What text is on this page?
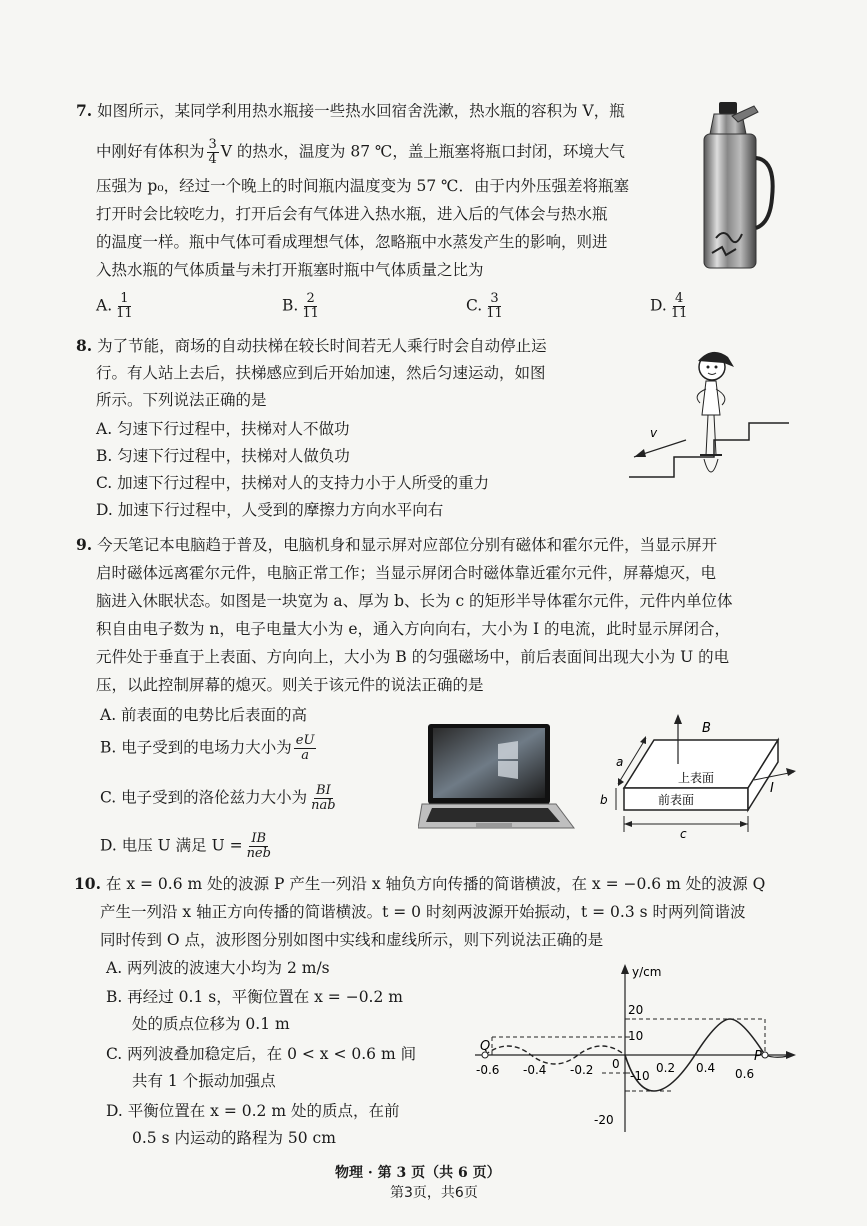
7. 如图所示，某同学利用热水瓶接一些热水回宿舍洗漱，热水瓶的容积为 V，瓶
中刚好有体积为 $\frac{3}{4}$ V 的热水，温度为 87 ℃，盖上瓶塞将瓶口封闭，环境大气
压强为 p₀，经过一个晚上的时间瓶内温度变为 57 ℃．由于内外压强差将瓶塞
打开时会比较吃力，打开后会有气体进入热水瓶，进入后的气体会与热水瓶
的温度一样。瓶中气体可看成理想气体，忽略瓶中水蒸发产生的影响，则进
入热水瓶的气体质量与未打开瓶塞时瓶中气体质量之比为
A. $\frac{1}{11}$	B. $\frac{2}{11}$	C. $\frac{3}{11}$	D. $\frac{4}{11}$
8. 为了节能，商场的自动扶梯在较长时间若无人乘行时会自动停止运
行。有人站上去后，扶梯感应到后开始加速，然后匀速运动，如图
所示。下列说法正确的是
A. 匀速下行过程中，扶梯对人不做功
B. 匀速下行过程中，扶梯对人做负功
C. 加速下行过程中，扶梯对人的支持力小于人所受的重力
D. 加速下行过程中，人受到的摩擦力方向水平向右
v
9. 今天笔记本电脑趋于普及，电脑机身和显示屏对应部位分别有磁体和霍尔元件，当显示屏开
启时磁体远离霍尔元件，电脑正常工作；当显示屏闭合时磁体靠近霍尔元件，屏幕熄灭，电
脑进入休眠状态。如图是一块宽为 a、厚为 b、长为 c 的矩形半导体霍尔元件，元件内单位体
积自由电子数为 n，电子电量大小为 e，通入方向向右，大小为 I 的电流，此时显示屏闭合，
元件处于垂直于上表面、方向向上，大小为 B 的匀强磁场中，前后表面间出现大小为 U 的电
压，以此控制屏幕的熄灭。则关于该元件的说法正确的是
A. 前表面的电势比后表面的高
B. 电子受到的电场力大小为 $\frac{eU}{a}$
C. 电子受到的洛伦兹力大小为 $\frac{BI}{\text{nab}}$
D. 电压 U 满足 $U = \frac{IB}{\text{neb}}$
B
a
b
上表面
前表面
I
c
10. 在 x = 0.6 m 处的波源 P 产生一列沿 x 轴负方向传播的简谐横波，在 x = −0.6 m 处的波源 Q
产生一列沿 x 轴正方向传播的简谐横波。t = 0 时刻两波源开始振动，t = 0.3 s 时两列简谐波
同时传到 O 点，波形图分别如图中实线和虚线所示，则下列说法正确的是
A. 两列波的波速大小均为 2 m/s
B. 再经过 0.1 s，平衡位置在 x = −0.2 m
处的质点位移为 0.1 m
C. 两列波叠加稳定后，在 0 < x < 0.6 m 间
共有 1 个振动加强点
D. 平衡位置在 x = 0.2 m 处的质点，在前
0.5 s 内运动的路程为 50 cm
y/cm
20
10
-10
-20
-0.6 -0.4 -0.2 0	0.2 0.4 0.6
Q
P
物理 · 第 3 页（共 6 页）
第3页，共6页
